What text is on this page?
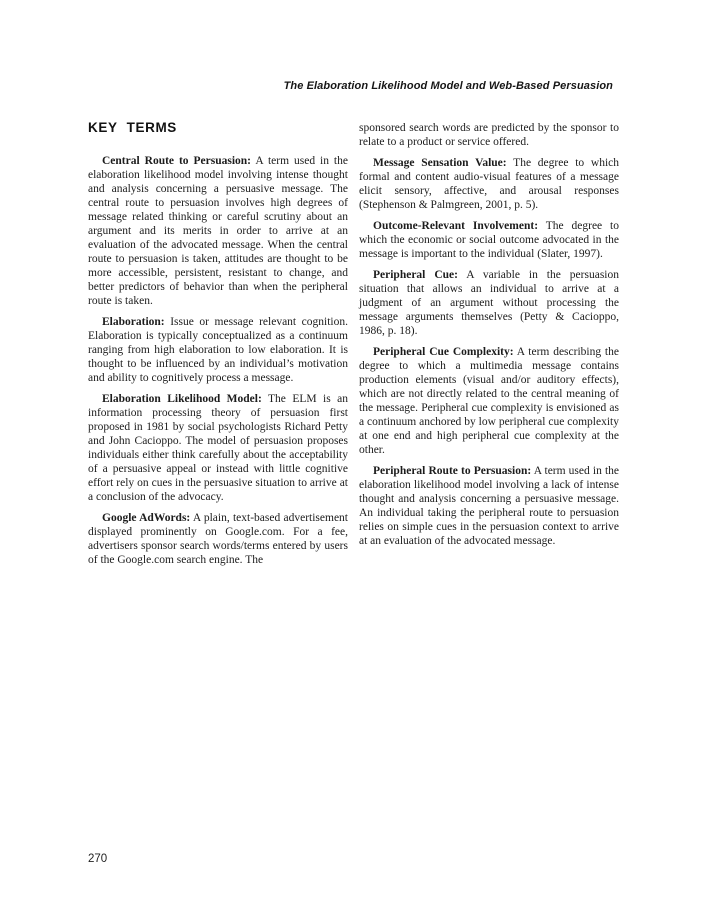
The Elaboration Likelihood Model and Web-Based Persuasion
KEY TERMS

Central Route to Persuasion: A term used in the elaboration likelihood model involving intense thought and analysis concerning a persuasive message. The central route to persuasion involves high degrees of message related thinking or careful scrutiny about an argument and its merits in order to arrive at an evaluation of the advocated message. When the central route to persuasion is taken, attitudes are thought to be more accessible, persistent, resistant to change, and better predictors of behavior than when the peripheral route is taken.

Elaboration: Issue or message relevant cognition. Elaboration is typically conceptualized as a continuum ranging from high elaboration to low elaboration. It is thought to be influenced by an individual’s motivation and ability to cognitively process a message.

Elaboration Likelihood Model: The ELM is an information processing theory of persuasion first proposed in 1981 by social psychologists Richard Petty and John Cacioppo. The model of persuasion proposes individuals either think carefully about the acceptability of a persuasive appeal or instead with little cognitive effort rely on cues in the persuasive situation to arrive at a conclusion of the advocacy.

Google AdWords: A plain, text-based advertisement displayed prominently on Google.com. For a fee, advertisers sponsor search words/terms entered by users of the Google.com search engine. The

sponsored search words are predicted by the sponsor to relate to a product or service offered.

Message Sensation Value: The degree to which formal and content audio-visual features of a message elicit sensory, affective, and arousal responses (Stephenson & Palmgreen, 2001, p. 5).

Outcome-Relevant Involvement: The degree to which the economic or social outcome advocated in the message is important to the individual (Slater, 1997).

Peripheral Cue: A variable in the persuasion situation that allows an individual to arrive at a judgment of an argument without processing the message arguments themselves (Petty & Cacioppo, 1986, p. 18).

Peripheral Cue Complexity: A term describing the degree to which a multimedia message contains production elements (visual and/or auditory effects), which are not directly related to the central meaning of the message. Peripheral cue complexity is envisioned as a continuum anchored by low peripheral cue complexity at one end and high peripheral cue complexity at the other.

Peripheral Route to Persuasion: A term used in the elaboration likelihood model involving a lack of intense thought and analysis concerning a persuasive message. An individual taking the peripheral route to persuasion relies on simple cues in the persuasion context to arrive at an evaluation of the advocated message.

270
